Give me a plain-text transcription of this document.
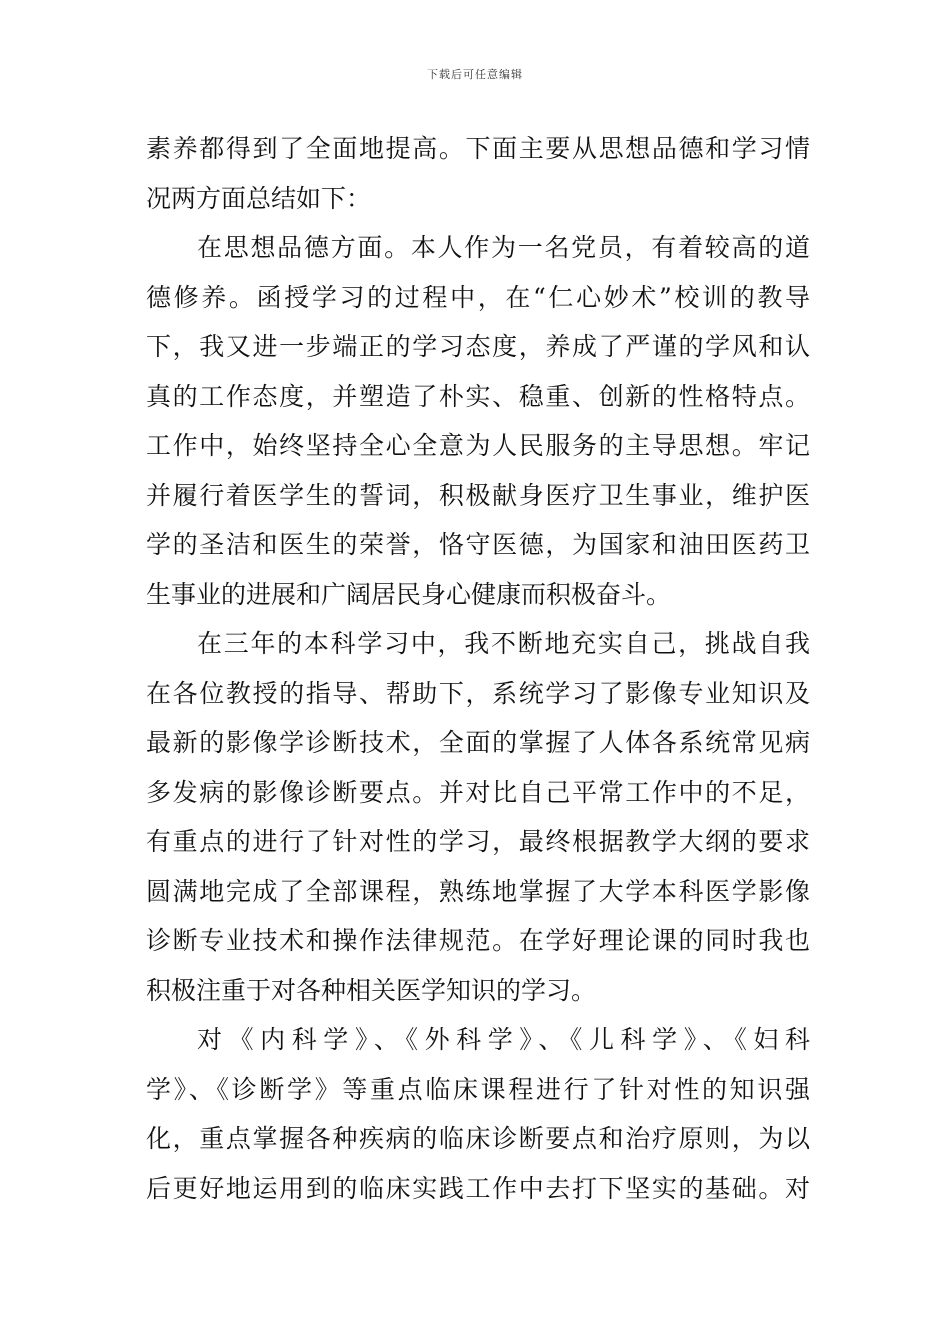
下载后可任意编辑
素养都得到了全面地提高。下面主要从思想品德和学习情
况两方面总结如下：
在思想品德方面。本人作为一名党员，有着较高的道
德修养。函授学习的过程中，在“仁心妙术”校训的教导
下，我又进一步端正的学习态度，养成了严谨的学风和认
真的工作态度，并塑造了朴实、稳重、创新的性格特点。
工作中，始终坚持全心全意为人民服务的主导思想。牢记
并履行着医学生的誓词，积极献身医疗卫生事业，维护医
学的圣洁和医生的荣誉，恪守医德，为国家和油田医药卫
生事业的进展和广阔居民身心健康而积极奋斗。
在三年的本科学习中，我不断地充实自己，挑战自我
在各位教授的指导、帮助下，系统学习了影像专业知识及
最新的影像学诊断技术，全面的掌握了人体各系统常见病
多发病的影像诊断要点。并对比自己平常工作中的不足，
有重点的进行了针对性的学习，最终根据教学大纲的要求
圆满地完成了全部课程，熟练地掌握了大学本科医学影像
诊断专业技术和操作法律规范。在学好理论课的同时我也
积极注重于对各种相关医学知识的学习。
对《内科学》、《外科学》、《儿科学》、《妇科
学》、《诊断学》等重点临床课程进行了针对性的知识强
化，重点掌握各种疾病的临床诊断要点和治疗原则，为以
后更好地运用到的临床实践工作中去打下坚实的基础。对
